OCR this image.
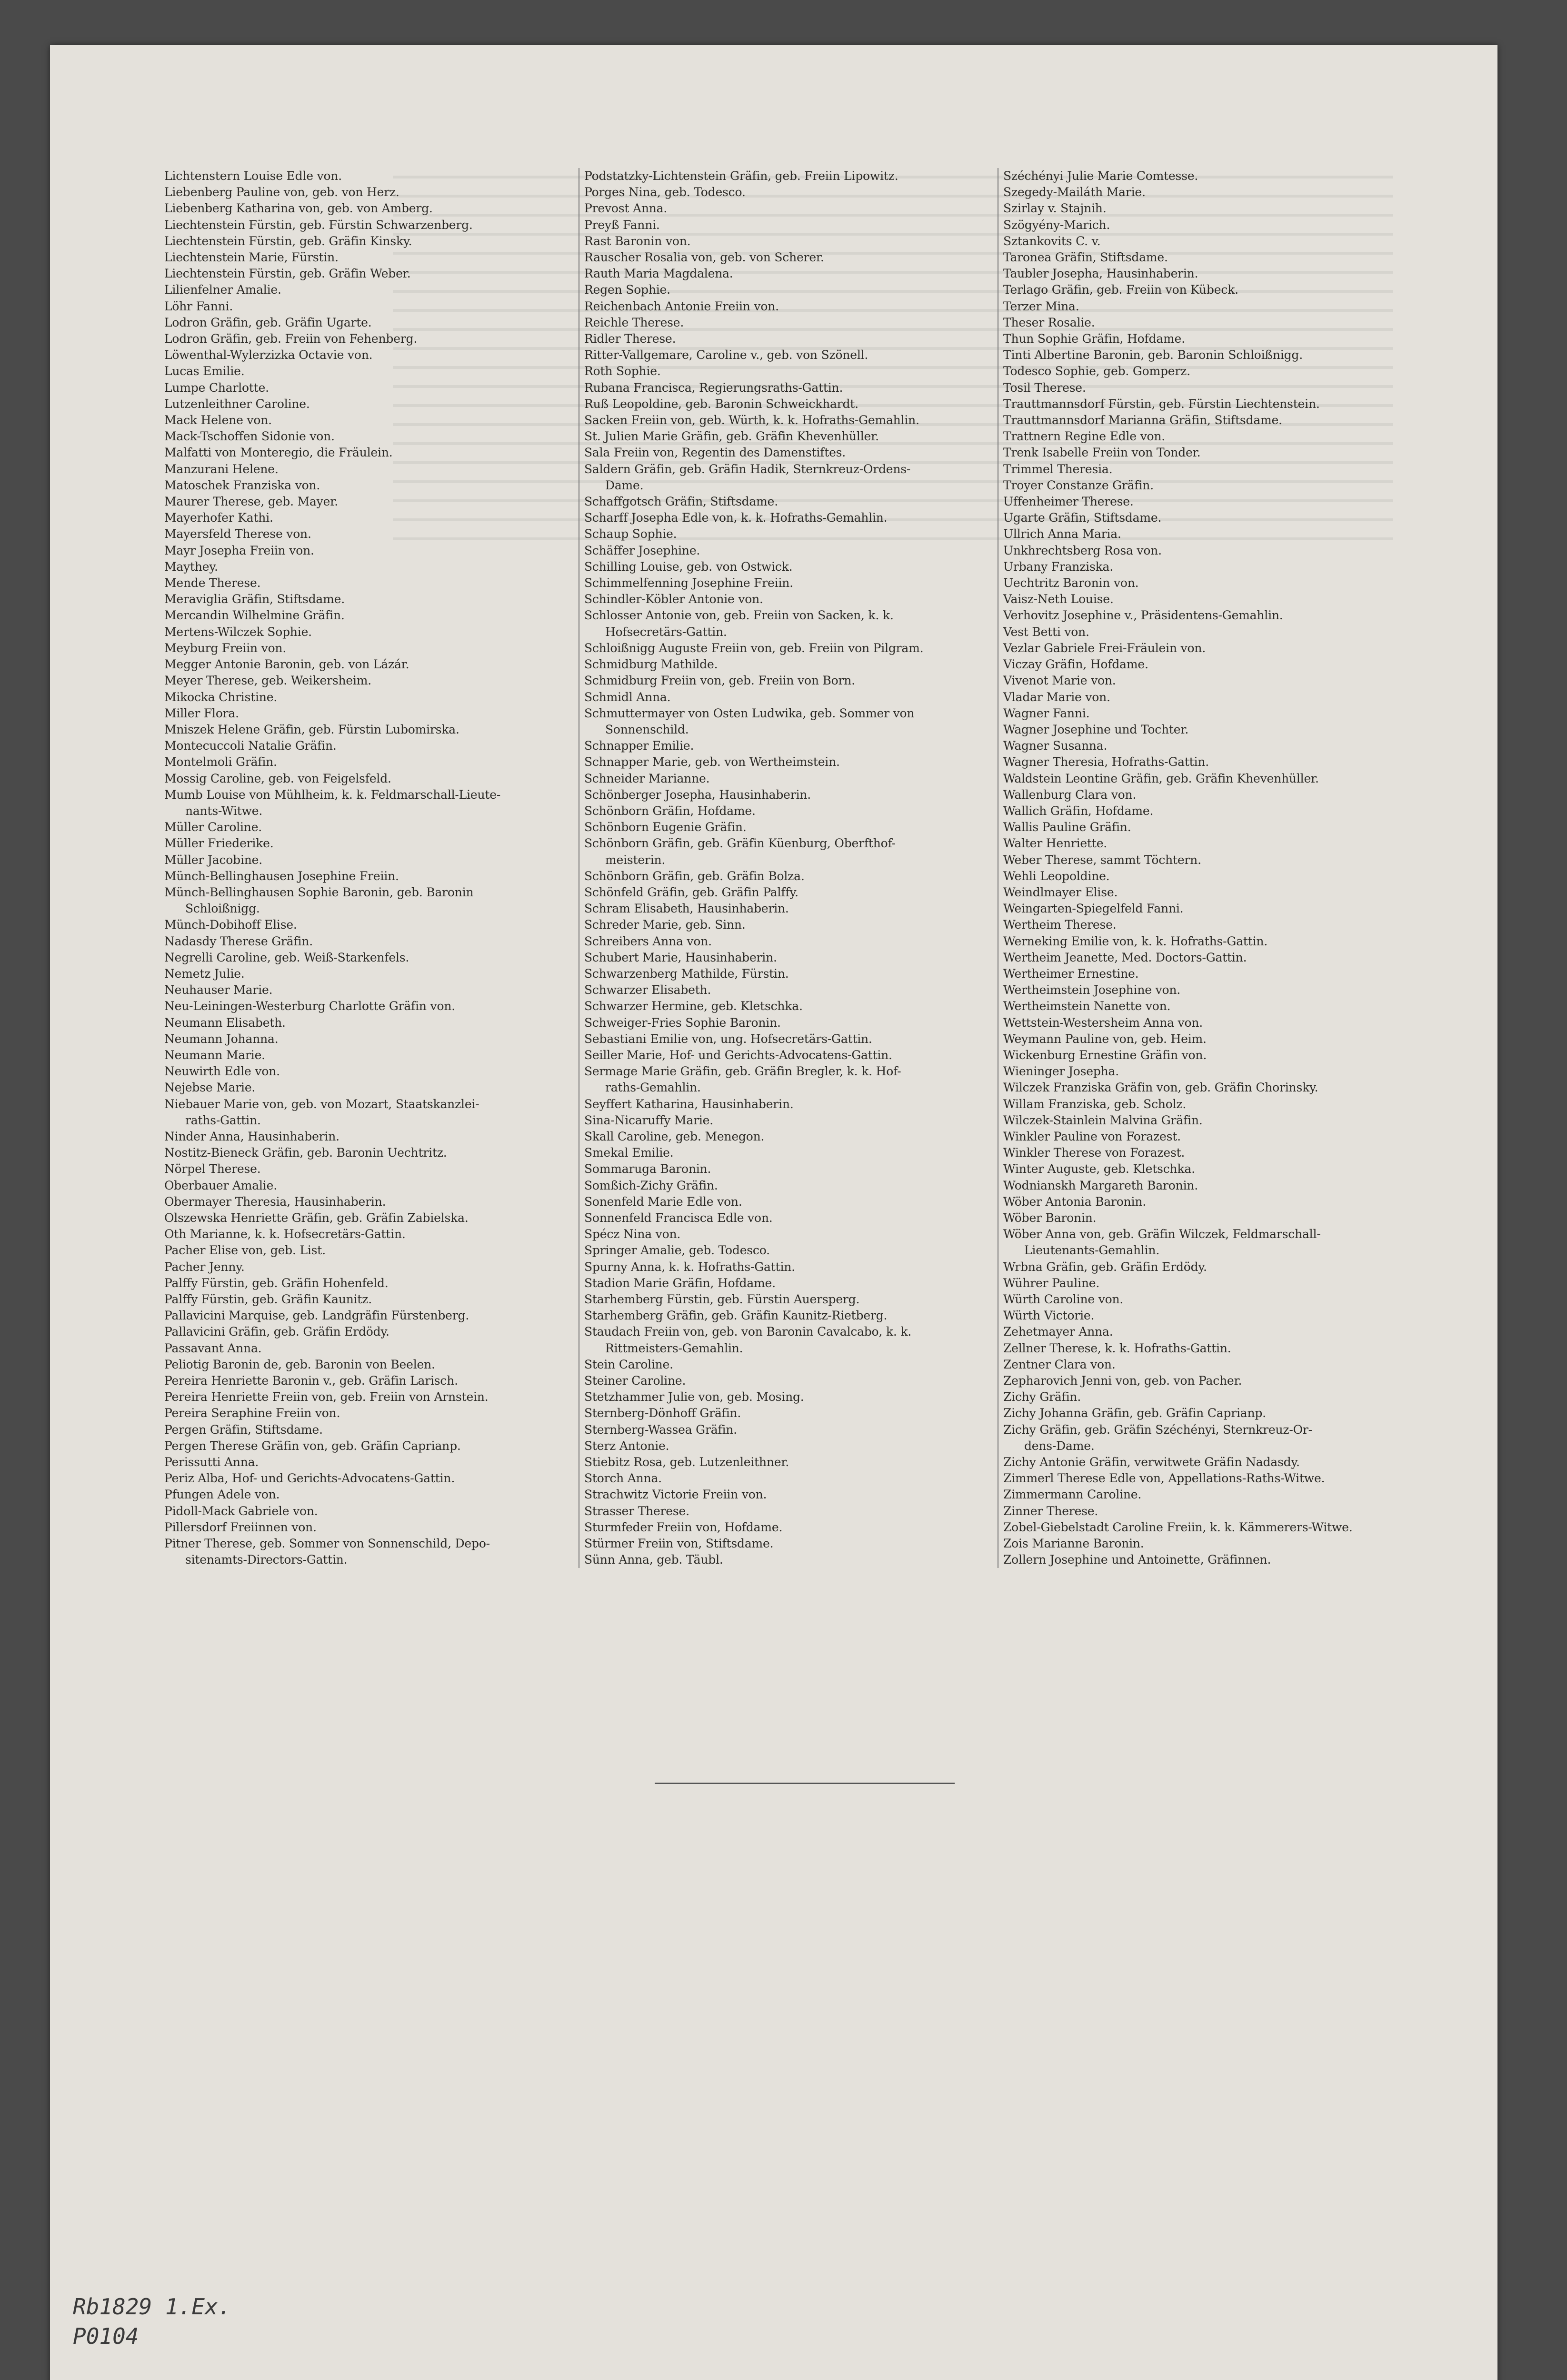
Lichtenstern Louise Edle von.
Liebenberg Pauline von, geb. von Herz.
Liebenberg Katharina von, geb. von Amberg.
Liechtenstein Fürstin, geb. Fürstin Schwarzenberg.
Liechtenstein Fürstin, geb. Gräfin Kinsky.
Liechtenstein Marie, Fürstin.
Liechtenstein Fürstin, geb. Gräfin Weber.
Lilienfelner Amalie.
Löhr Fanni.
Lodron Gräfin, geb. Gräfin Ugarte.
Lodron Gräfin, geb. Freiin von Fehenberg.
Löwenthal-Wylerzizka Octavie von.
Lucas Emilie.
Lumpe Charlotte.
Lutzenleithner Caroline.
Mack Helene von.
Mack-Tschoffen Sidonie von.
Malfatti von Monteregio, die Fräulein.
Manzurani Helene.
Matoschek Franziska von.
Maurer Therese, geb. Mayer.
Mayerhofer Kathi.
Mayersfeld Therese von.
Mayr Josepha Freiin von.
Maythey.
Mende Therese.
Meraviglia Gräfin, Stiftsdame.
Mercandin Wilhelmine Gräfin.
Mertens-Wilczek Sophie.
Meyburg Freiin von.
Megger Antonie Baronin, geb. von Lázár.
Meyer Therese, geb. Weikersheim.
Mikocka Christine.
Miller Flora.
Mniszek Helene Gräfin, geb. Fürstin Lubomirska.
Montecuccoli Natalie Gräfin.
Montelmoli Gräfin.
Mossig Caroline, geb. von Feigelsfeld.
Mumb Louise von Mühlheim, k. k. Feldmarschall-Lieute-
nants-Witwe.
Müller Caroline.
Müller Friederike.
Müller Jacobine.
Münch-Bellinghausen Josephine Freiin.
Münch-Bellinghausen Sophie Baronin, geb. Baronin
Schloißnigg.
Münch-Dobihoff Elise.
Nadasdy Therese Gräfin.
Negrelli Caroline, geb. Weiß-Starkenfels.
Nemetz Julie.
Neuhauser Marie.
Neu-Leiningen-Westerburg Charlotte Gräfin von.
Neumann Elisabeth.
Neumann Johanna.
Neumann Marie.
Neuwirth Edle von.
Nejebse Marie.
Niebauer Marie von, geb. von Mozart, Staatskanzlei-
raths-Gattin.
Ninder Anna, Hausinhaberin.
Nostitz-Bieneck Gräfin, geb. Baronin Uechtritz.
Nörpel Therese.
Oberbauer Amalie.
Obermayer Theresia, Hausinhaberin.
Olszewska Henriette Gräfin, geb. Gräfin Zabielska.
Oth Marianne, k. k. Hofsecretärs-Gattin.
Pacher Elise von, geb. List.
Pacher Jenny.
Palffy Fürstin, geb. Gräfin Hohenfeld.
Palffy Fürstin, geb. Gräfin Kaunitz.
Pallavicini Marquise, geb. Landgräfin Fürstenberg.
Pallavicini Gräfin, geb. Gräfin Erdödy.
Passavant Anna.
Peliotig Baronin de, geb. Baronin von Beelen.
Pereira Henriette Baronin v., geb. Gräfin Larisch.
Pereira Henriette Freiin von, geb. Freiin von Arnstein.
Pereira Seraphine Freiin von.
Pergen Gräfin, Stiftsdame.
Pergen Therese Gräfin von, geb. Gräfin Caprianp.
Perissutti Anna.
Periz Alba, Hof- und Gerichts-Advocatens-Gattin.
Pfungen Adele von.
Pidoll-Mack Gabriele von.
Pillersdorf Freiinnen von.
Pitner Therese, geb. Sommer von Sonnenschild, Depo-
sitenamts-Directors-Gattin.
Podstatzky-Lichtenstein Gräfin, geb. Freiin Lipowitz.
Porges Nina, geb. Todesco.
Prevost Anna.
Preyß Fanni.
Rast Baronin von.
Rauscher Rosalia von, geb. von Scherer.
Rauth Maria Magdalena.
Regen Sophie.
Reichenbach Antonie Freiin von.
Reichle Therese.
Ridler Therese.
Ritter-Vallgemare, Caroline v., geb. von Szönell.
Roth Sophie.
Rubana Francisca, Regierungsraths-Gattin.
Ruß Leopoldine, geb. Baronin Schweickhardt.
Sacken Freiin von, geb. Würth, k. k. Hofraths-Gemahlin.
St. Julien Marie Gräfin, geb. Gräfin Khevenhüller.
Sala Freiin von, Regentin des Damenstiftes.
Saldern Gräfin, geb. Gräfin Hadik, Sternkreuz-Ordens-
Dame.
Schaffgotsch Gräfin, Stiftsdame.
Scharff Josepha Edle von, k. k. Hofraths-Gemahlin.
Schaup Sophie.
Schäffer Josephine.
Schilling Louise, geb. von Ostwick.
Schimmelfenning Josephine Freiin.
Schindler-Köbler Antonie von.
Schlosser Antonie von, geb. Freiin von Sacken, k. k.
Hofsecretärs-Gattin.
Schloißnigg Auguste Freiin von, geb. Freiin von Pilgram.
Schmidburg Mathilde.
Schmidburg Freiin von, geb. Freiin von Born.
Schmidl Anna.
Schmuttermayer von Osten Ludwika, geb. Sommer von
Sonnenschild.
Schnapper Emilie.
Schnapper Marie, geb. von Wertheimstein.
Schneider Marianne.
Schönberger Josepha, Hausinhaberin.
Schönborn Gräfin, Hofdame.
Schönborn Eugenie Gräfin.
Schönborn Gräfin, geb. Gräfin Küenburg, Oberfthof-
meisterin.
Schönborn Gräfin, geb. Gräfin Bolza.
Schönfeld Gräfin, geb. Gräfin Palffy.
Schram Elisabeth, Hausinhaberin.
Schreder Marie, geb. Sinn.
Schreibers Anna von.
Schubert Marie, Hausinhaberin.
Schwarzenberg Mathilde, Fürstin.
Schwarzer Elisabeth.
Schwarzer Hermine, geb. Kletschka.
Schweiger-Fries Sophie Baronin.
Sebastiani Emilie von, ung. Hofsecretärs-Gattin.
Seiller Marie, Hof- und Gerichts-Advocatens-Gattin.
Sermage Marie Gräfin, geb. Gräfin Bregler, k. k. Hof-
raths-Gemahlin.
Seyffert Katharina, Hausinhaberin.
Sina-Nicaruffy Marie.
Skall Caroline, geb. Menegon.
Smekal Emilie.
Sommaruga Baronin.
Somßich-Zichy Gräfin.
Sonenfeld Marie Edle von.
Sonnenfeld Francisca Edle von.
Spécz Nina von.
Springer Amalie, geb. Todesco.
Spurny Anna, k. k. Hofraths-Gattin.
Stadion Marie Gräfin, Hofdame.
Starhemberg Fürstin, geb. Fürstin Auersperg.
Starhemberg Gräfin, geb. Gräfin Kaunitz-Rietberg.
Staudach Freiin von, geb. von Baronin Cavalcabo, k. k.
Rittmeisters-Gemahlin.
Stein Caroline.
Steiner Caroline.
Stetzhammer Julie von, geb. Mosing.
Sternberg-Dönhoff Gräfin.
Sternberg-Wassea Gräfin.
Sterz Antonie.
Stiebitz Rosa, geb. Lutzenleithner.
Storch Anna.
Strachwitz Victorie Freiin von.
Strasser Therese.
Sturmfeder Freiin von, Hofdame.
Stürmer Freiin von, Stiftsdame.
Sünn Anna, geb. Täubl.
Széchényi Julie Marie Comtesse.
Szegedy-Mailáth Marie.
Szirlay v. Stajnih.
Szögyény-Marich.
Sztankovits C. v.
Taronea Gräfin, Stiftsdame.
Taubler Josepha, Hausinhaberin.
Terlago Gräfin, geb. Freiin von Kübeck.
Terzer Mina.
Theser Rosalie.
Thun Sophie Gräfin, Hofdame.
Tinti Albertine Baronin, geb. Baronin Schloißnigg.
Todesco Sophie, geb. Gomperz.
Tosil Therese.
Trauttmannsdorf Fürstin, geb. Fürstin Liechtenstein.
Trauttmannsdorf Marianna Gräfin, Stiftsdame.
Trattnern Regine Edle von.
Trenk Isabelle Freiin von Tonder.
Trimmel Theresia.
Troyer Constanze Gräfin.
Uffenheimer Therese.
Ugarte Gräfin, Stiftsdame.
Ullrich Anna Maria.
Unkhrechtsberg Rosa von.
Urbany Franziska.
Uechtritz Baronin von.
Vaisz-Neth Louise.
Verhovitz Josephine v., Präsidentens-Gemahlin.
Vest Betti von.
Vezlar Gabriele Frei-Fräulein von.
Viczay Gräfin, Hofdame.
Vivenot Marie von.
Vladar Marie von.
Wagner Fanni.
Wagner Josephine und Tochter.
Wagner Susanna.
Wagner Theresia, Hofraths-Gattin.
Waldstein Leontine Gräfin, geb. Gräfin Khevenhüller.
Wallenburg Clara von.
Wallich Gräfin, Hofdame.
Wallis Pauline Gräfin.
Walter Henriette.
Weber Therese, sammt Töchtern.
Wehli Leopoldine.
Weindlmayer Elise.
Weingarten-Spiegelfeld Fanni.
Wertheim Therese.
Werneking Emilie von, k. k. Hofraths-Gattin.
Wertheim Jeanette, Med. Doctors-Gattin.
Wertheimer Ernestine.
Wertheimstein Josephine von.
Wertheimstein Nanette von.
Wettstein-Westersheim Anna von.
Weymann Pauline von, geb. Heim.
Wickenburg Ernestine Gräfin von.
Wieninger Josepha.
Wilczek Franziska Gräfin von, geb. Gräfin Chorinsky.
Willam Franziska, geb. Scholz.
Wilczek-Stainlein Malvina Gräfin.
Winkler Pauline von Forazest.
Winkler Therese von Forazest.
Winter Auguste, geb. Kletschka.
Wodnianskh Margareth Baronin.
Wöber Antonia Baronin.
Wöber Baronin.
Wöber Anna von, geb. Gräfin Wilczek, Feldmarschall-
Lieutenants-Gemahlin.
Wrbna Gräfin, geb. Gräfin Erdödy.
Wührer Pauline.
Würth Caroline von.
Würth Victorie.
Zehetmayer Anna.
Zellner Therese, k. k. Hofraths-Gattin.
Zentner Clara von.
Zepharovich Jenni von, geb. von Pacher.
Zichy Gräfin.
Zichy Johanna Gräfin, geb. Gräfin Caprianp.
Zichy Gräfin, geb. Gräfin Széchényi, Sternkreuz-Or-
dens-Dame.
Zichy Antonie Gräfin, verwitwete Gräfin Nadasdy.
Zimmerl Therese Edle von, Appellations-Raths-Witwe.
Zimmermann Caroline.
Zinner Therese.
Zobel-Giebelstadt Caroline Freiin, k. k. Kämmerers-Witwe.
Zois Marianne Baronin.
Zollern Josephine und Antoinette, Gräfinnen.
Rb1829 1.Ex.
P0104
